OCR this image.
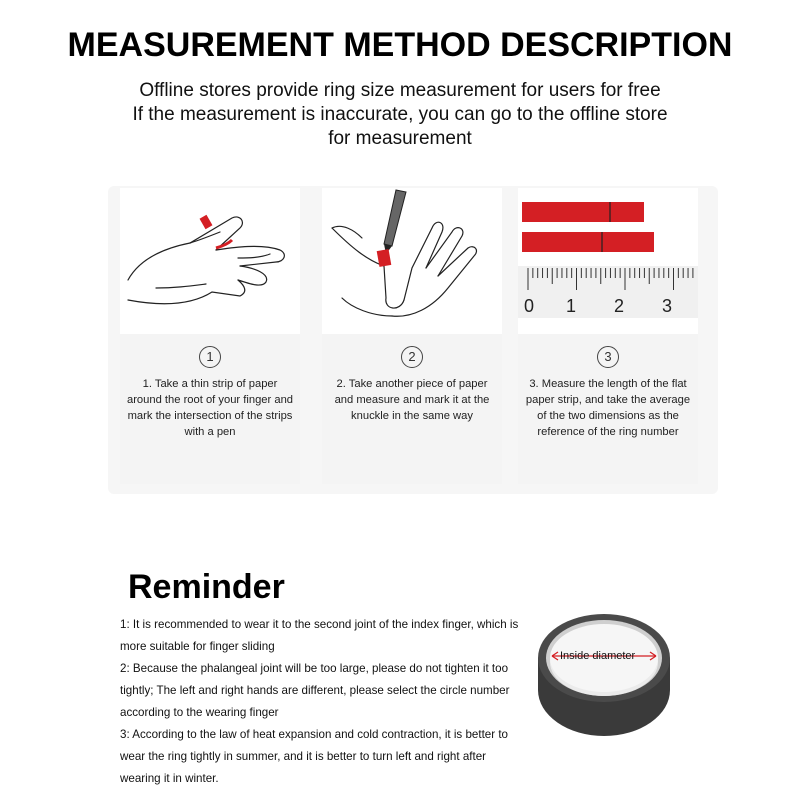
MEASUREMENT METHOD DESCRIPTION
Offline stores provide ring size measurement for users for free
If the measurement is inaccurate, you can go to the offline store
for measurement
1
1. Take a thin strip of paper around the root of your finger and mark the intersection of the strips with a pen
2
2. Take another piece of paper and measure and mark it at the knuckle in the same way
0 1 2 3
3
3. Measure the length of the flat paper strip, and take the average of the two dimensions as the reference of the ring number
Reminder
1: It is recommended to wear it to the second joint of the index finger, which is
more suitable for finger sliding
2: Because the phalangeal joint will be too large, please do not tighten it too
tightly; The left and right hands are different, please select the circle number
according to the wearing finger
3: According to the law of heat expansion and cold contraction, it is better to
wear the ring tightly in summer, and it is better to turn left and right after
wearing it in winter.
Inside diameter
